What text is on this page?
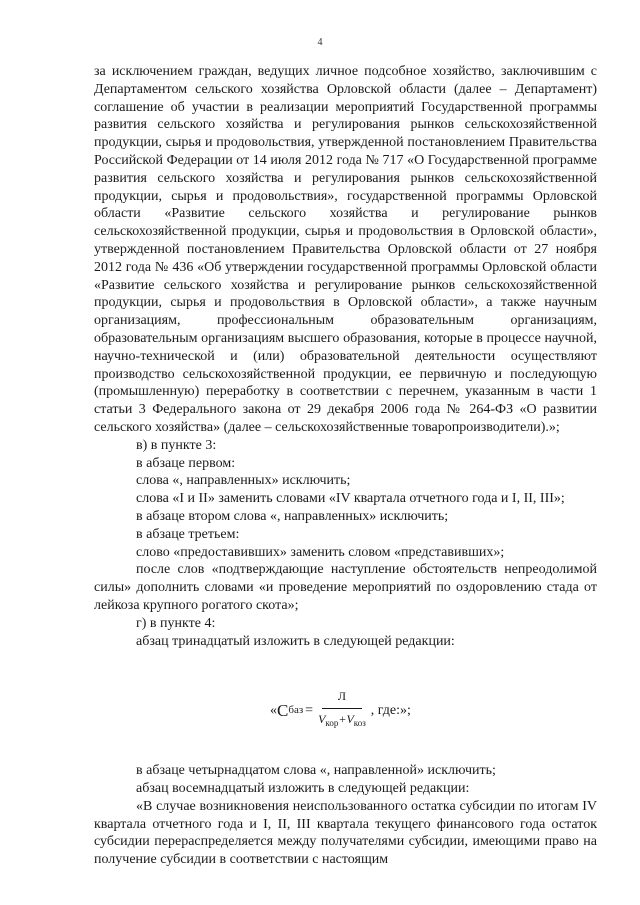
4

за исключением граждан, ведущих личное подсобное хозяйство, заключившим с Департаментом сельского хозяйства Орловской области (далее – Департамент) соглашение об участии в реализации мероприятий Государственной программы развития сельского хозяйства и регулирования рынков сельскохозяйственной продукции, сырья и продовольствия, утвержденной постановлением Правительства Российской Федерации от 14 июля 2012 года № 717 «О Государственной программе развития сельского хозяйства и регулирования рынков сельскохозяйственной продукции, сырья и продовольствия», государственной программы Орловской области «Развитие сельского хозяйства и регулирование рынков сельскохозяйственной продукции, сырья и продовольствия в Орловской области», утвержденной постановлением Правительства Орловской области от 27 ноября 2012 года № 436 «Об утверждении государственной программы Орловской области «Развитие сельского хозяйства и регулирование рынков сельскохозяйственной продукции, сырья и продовольствия в Орловской области», а также научным организациям, профессиональным образовательным организациям, образовательным организациям высшего образования, которые в процессе научной, научно-технической и (или) образовательной деятельности осуществляют производство сельскохозяйственной продукции, ее первичную и последующую (промышленную) переработку в соответствии с перечнем, указанным в части 1 статьи 3 Федерального закона от 29 декабря 2006 года № 264-ФЗ «О развитии сельского хозяйства» (далее – сельскохозяйственные товаропроизводители).»;

в) в пункте 3:

в абзаце первом:

слова «, направленных» исключить;

слова «I и II» заменить словами «IV квартала отчетного года и I, II, III»;

в абзаце втором слова «, направленных» исключить;

в абзаце третьем:

слово «предоставивших» заменить словом «представивших»;

после слов «подтверждающие наступление обстоятельств непреодолимой силы» дополнить словами «и проведение мероприятий по оздоровлению стада от лейкоза крупного рогатого скота»;

г) в пункте 4:

абзац тринадцатый изложить в следующей редакции:

« С баз = $\frac{Л}{V_{кор}+V_{коз}}$ , где:»;

в абзаце четырнадцатом слова «, направленной» исключить;

абзац восемнадцатый изложить в следующей редакции:

«В случае возникновения неиспользованного остатка субсидии по итогам IV квартала отчетного года и I, II, III квартала текущего финансового года остаток субсидии перераспределяется между получателями субсидии, имеющими право на получение субсидии в соответствии с настоящим
